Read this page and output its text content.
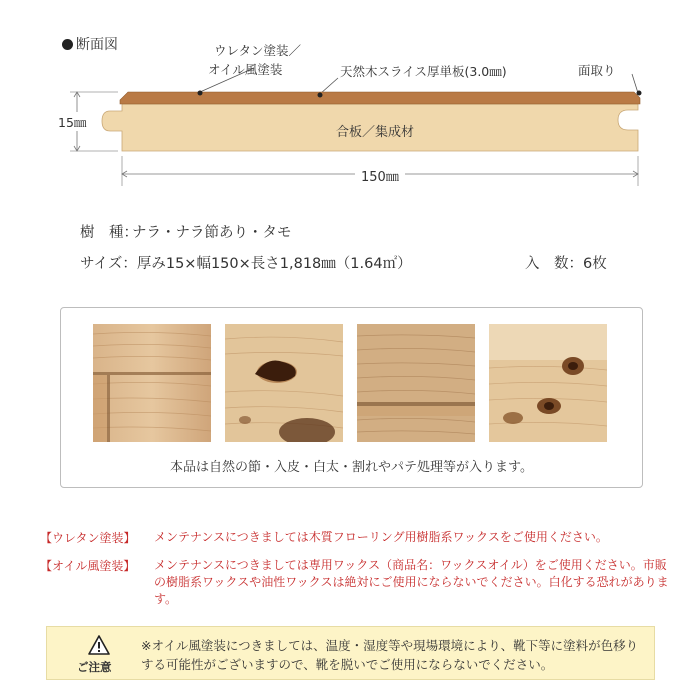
断面図	ウレタン塗装／
オイル風塗装	天然木スライス厚単板(3.0㎜)	面取り
15㎜
合板／集成材
150㎜
樹　種：ナラ・ナラ節あり・タモ
サイズ：厚み15×幅150×長さ1,818㎜（1.64㎡）	入　数：6枚
本品は自然の節・入皮・白太・割れやパテ処理等が入ります。
【ウレタン塗装】 メンテナンスにつきましては木質フローリング用樹脂系ワックスをご使用ください。
【オイル風塗装】 メンテナンスにつきましては専用ワックス（商品名：ワックスオイル）をご使用ください。市販の樹脂系ワックスや油性ワックスは絶対にご使用にならないでください。白化する恐れがあります。
ご注意
※オイル風塗装につきましては、温度・湿度等や現場環境により、靴下等に塗料が色移りする可能性がございますので、靴を脱いでご使用にならないでください。
